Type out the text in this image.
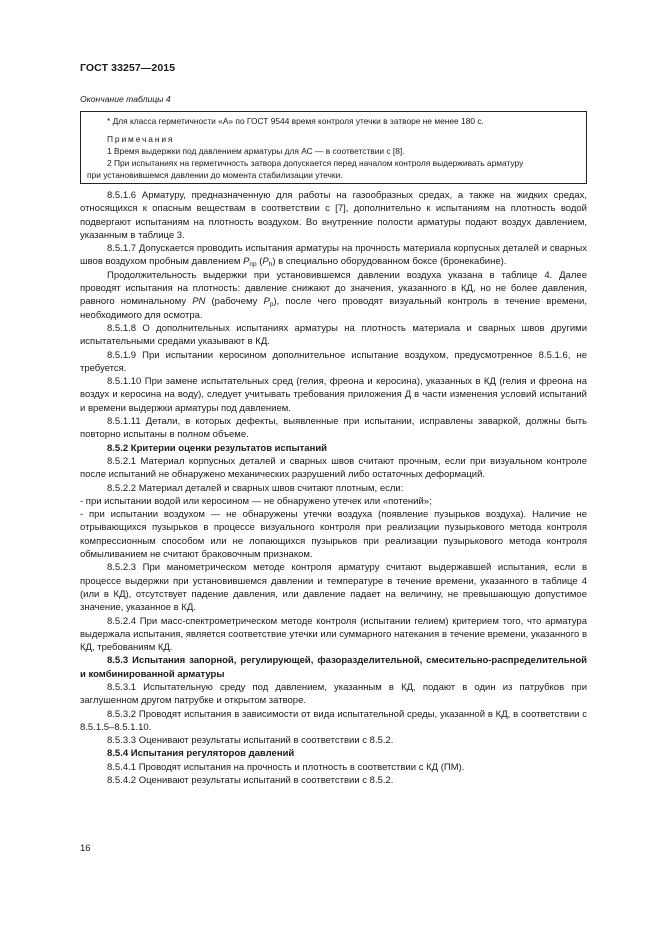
ГОСТ 33257—2015
Окончание таблицы 4
* Для класса герметичности «А» по ГОСТ 9544 время контроля утечки в затворе не менее 180 с.
Примечания
1 Время выдержки под давлением арматуры для АС — в соответствии с [8].
2 При испытаниях на герметичность затвора допускается перед началом контроля выдерживать арматуру
при установившемся давлении до момента стабилизации утечки.

8.5.1.6 Арматуру, предназначенную для работы на газообразных средах, а также на жидких средах, относящихся к опасным веществам в соответствии с [7], дополнительно к испытаниям на плотность водой подвергают испытаниям на плотность воздухом. Во внутренние полости арматуры подают воздух давлением, указанным в таблице 3.

8.5.1.7 Допускается проводить испытания арматуры на прочность материала корпусных деталей и сварных швов воздухом пробным давлением $P_{пр}$ $(P_h)$ в специально оборудованном боксе (бронекабине).

Продолжительность выдержки при установившемся давлении воздуха указана в таблице 4. Далее проводят испытания на плотность: давление снижают до значения, указанного в КД, но не более давления, равного номинальному PN (рабочему $P_р$), после чего проводят визуальный контроль в течение времени, необходимого для осмотра.

8.5.1.8 О дополнительных испытаниях арматуры на плотность материала и сварных швов другими испытательными средами указывают в КД.

8.5.1.9 При испытании керосином дополнительное испытание воздухом, предусмотренное 8.5.1.6, не требуется.

8.5.1.10 При замене испытательных сред (гелия, фреона и керосина), указанных в КД (гелия и фреона на воздух и керосина на воду), следует учитывать требования приложения Д в части изменения условий испытаний и времени выдержки арматуры под давлением.

8.5.1.11 Детали, в которых дефекты, выявленные при испытании, исправлены заваркой, должны быть повторно испытаны в полном объеме.

8.5.2 Критерии оценки результатов испытаний

8.5.2.1 Материал корпусных деталей и сварных швов считают прочным, если при визуальном контроле после испытаний не обнаружено механических разрушений либо остаточных деформаций.

8.5.2.2 Материал деталей и сварных швов считают плотным, если:

- при испытании водой или керосином — не обнаружено утечек или «потений»;

- при испытании воздухом — не обнаружены утечки воздуха (появление пузырьков воздуха). Наличие не отрывающихся пузырьков в процессе визуального контроля при реализации пузырькового метода контроля компрессионным способом или не лопающихся пузырьков при реализации пузырькового метода контроля обмыливанием не считают браковочным признаком.

8.5.2.3 При манометрическом методе контроля арматуру считают выдержавшей испытания, если в процессе выдержки при установившемся давлении и температуре в течение времени, указанного в таблице 4 (или в КД), отсутствует падение давления, или давление падает на величину, не превышающую допустимое значение, указанное в КД.

8.5.2.4 При масс-спектрометрическом методе контроля (испытании гелием) критерием того, что арматура выдержала испытания, является соответствие утечки или суммарного натекания в течение времени, указанного в КД, требованиям КД.

8.5.3 Испытания запорной, регулирующей, фазоразделительной, смесительно-распределительной и комбинированной арматуры

8.5.3.1 Испытательную среду под давлением, указанным в КД, подают в один из патрубков при заглушенном другом патрубке и открытом затворе.

8.5.3.2 Проводят испытания в зависимости от вида испытательной среды, указанной в КД, в соответствии с 8.5.1.5–8.5.1.10.

8.5.3.3 Оценивают результаты испытаний в соответствии с 8.5.2.

8.5.4 Испытания регуляторов давлений

8.5.4.1 Проводят испытания на прочность и плотность в соответствии с КД (ПМ).

8.5.4.2 Оценивают результаты испытаний в соответствии с 8.5.2.

16
